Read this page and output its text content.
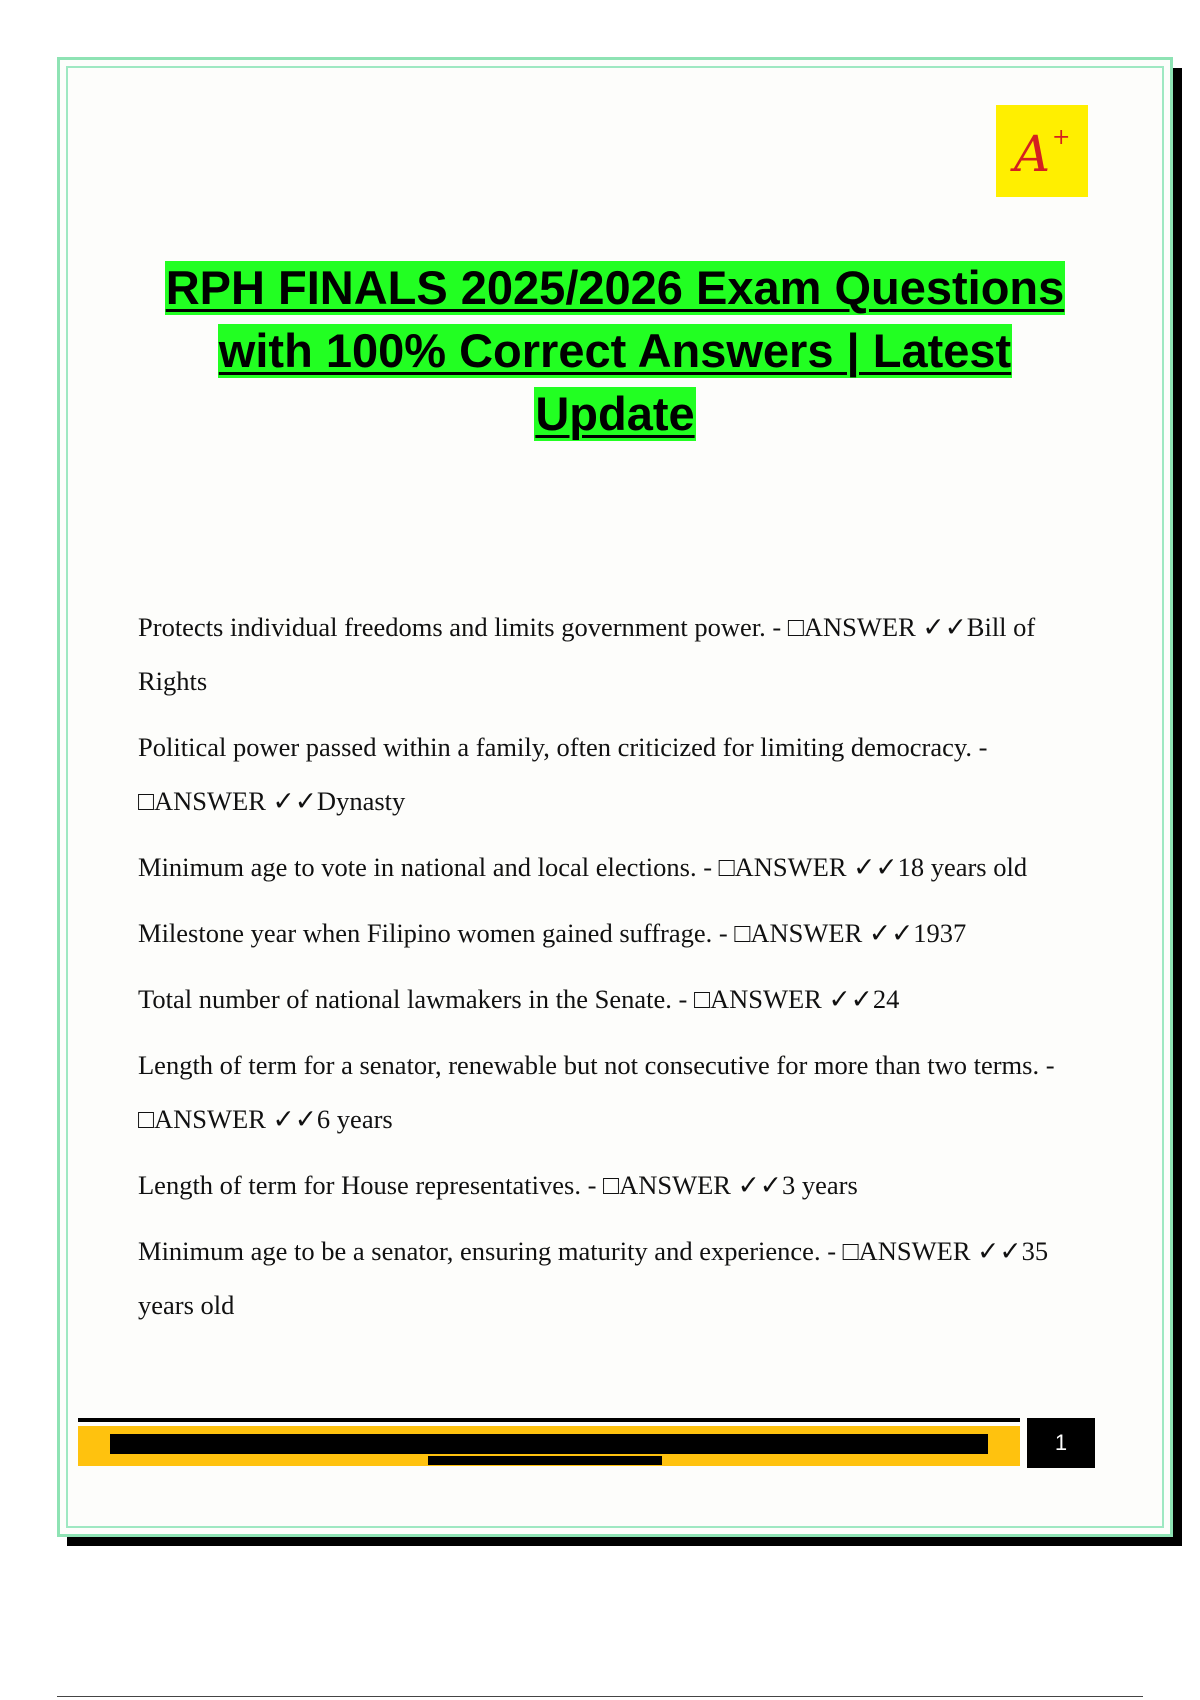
A +
RPH FINALS 2025/2026 Exam Questions
with 100% Correct Answers | Latest
Update

Protects individual freedoms and limits government power. - □ANSWER ✓✓Bill of Rights

Political power passed within a family, often criticized for limiting democracy. - □ANSWER ✓✓Dynasty

Minimum age to vote in national and local elections. - □ANSWER ✓✓18 years old

Milestone year when Filipino women gained suffrage. - □ANSWER ✓✓1937

Total number of national lawmakers in the Senate. - □ANSWER ✓✓24

Length of term for a senator, renewable but not consecutive for more than two terms. - □ANSWER ✓✓6 years

Length of term for House representatives. - □ANSWER ✓✓3 years

Minimum age to be a senator, ensuring maturity and experience. - □ANSWER ✓✓35 years old

1
